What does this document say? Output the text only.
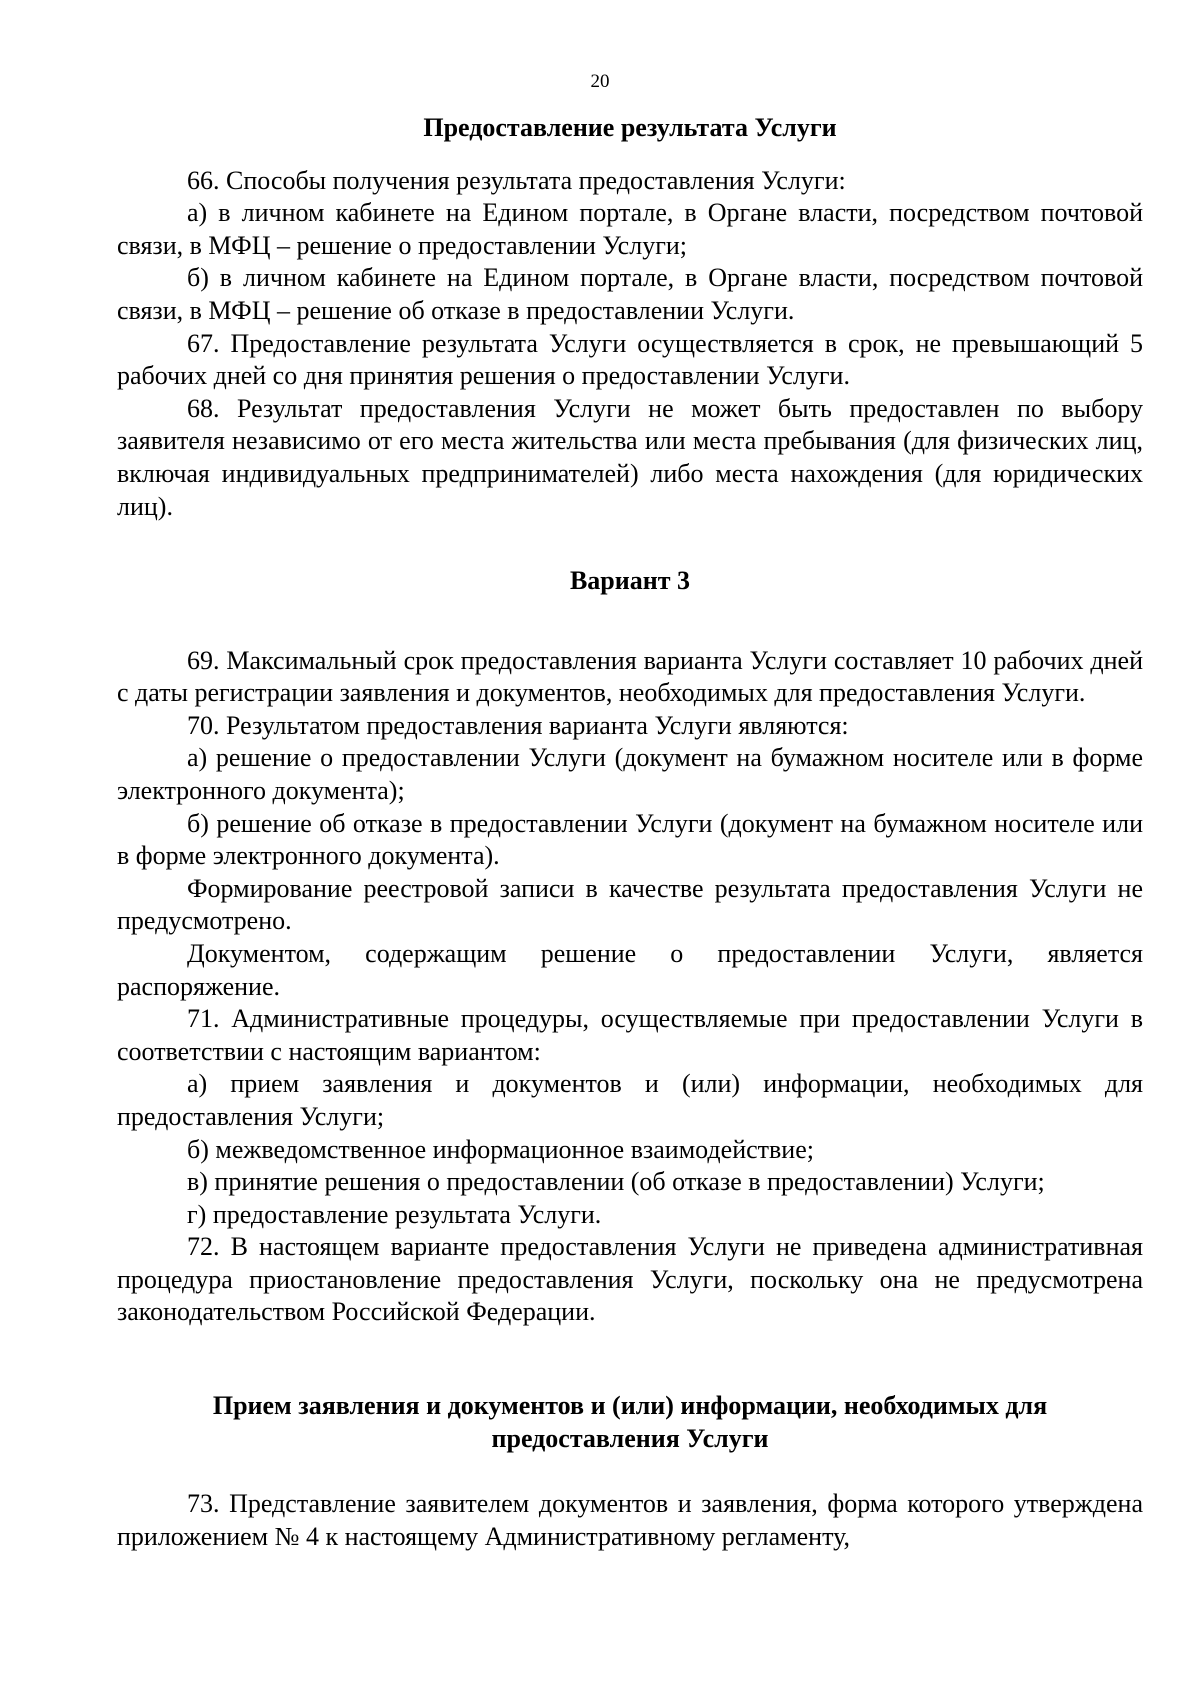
20

Предоставление результата Услуги

66. Способы получения результата предоставления Услуги:

а) в личном кабинете на Едином портале, в Органе власти, посредством почтовой связи, в МФЦ – решение о предоставлении Услуги;

б) в личном кабинете на Едином портале, в Органе власти, посредством почтовой связи, в МФЦ – решение об отказе в предоставлении Услуги.

67. Предоставление результата Услуги осуществляется в срок, не превышающий 5 рабочих дней со дня принятия решения о предоставлении Услуги.

68. Результат предоставления Услуги не может быть предоставлен по выбору заявителя независимо от его места жительства или места пребывания (для физических лиц, включая индивидуальных предпринимателей) либо места нахождения (для юридических лиц).

Вариант 3

69. Максимальный срок предоставления варианта Услуги составляет 10 рабочих дней с даты регистрации заявления и документов, необходимых для предоставления Услуги.

70. Результатом предоставления варианта Услуги являются:

а) решение о предоставлении Услуги (документ на бумажном носителе или в форме электронного документа);

б) решение об отказе в предоставлении Услуги (документ на бумажном носителе или в форме электронного документа).

Формирование реестровой записи в качестве результата предоставления Услуги не предусмотрено.

Документом, содержащим решение о предоставлении Услуги, является распоряжение.

71. Административные процедуры, осуществляемые при предоставлении Услуги в соответствии с настоящим вариантом:

а) прием заявления и документов и (или) информации, необходимых для предоставления Услуги;

б) межведомственное информационное взаимодействие;

в) принятие решения о предоставлении (об отказе в предоставлении) Услуги;

г) предоставление результата Услуги.

72. В настоящем варианте предоставления Услуги не приведена административная процедура приостановление предоставления Услуги, поскольку она не предусмотрена законодательством Российской Федерации.

Прием заявления и документов и (или) информации, необходимых для
предоставления Услуги

73. Представление заявителем документов и заявления, форма которого утверждена приложением № 4 к настоящему Административному регламенту,
